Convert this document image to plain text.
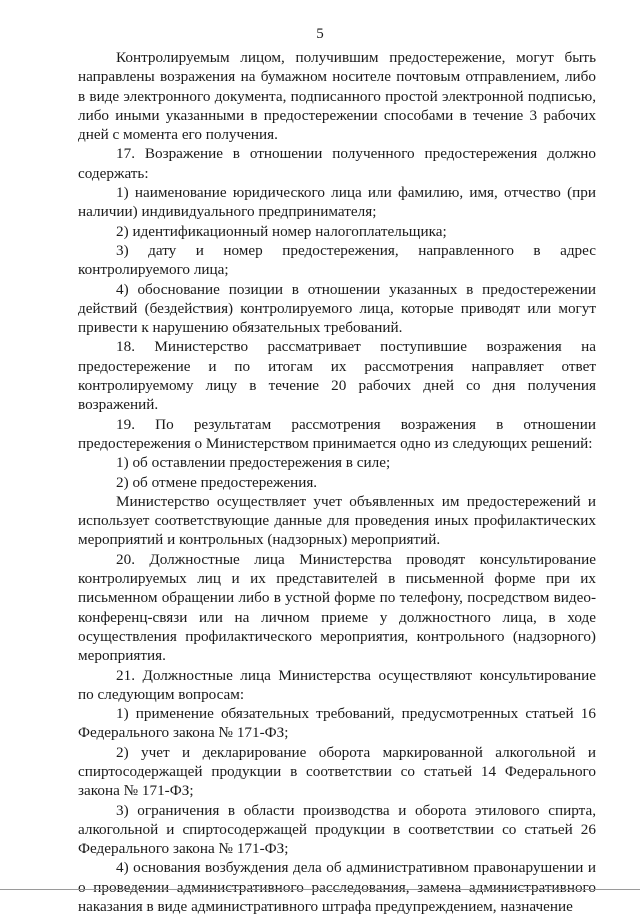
5

Контролируемым лицом, получившим предостережение, могут быть направлены возражения на бумажном носителе почтовым отправлением, либо в виде электронного документа, подписанного простой электронной подписью, либо иными указанными в предостережении способами в течение 3 рабочих дней с момента его получения.

17. Возражение в отношении полученного предостережения должно содержать:

1) наименование юридического лица или фамилию, имя, отчество (при наличии) индивидуального предпринимателя;

2) идентификационный номер налогоплательщика;

3) дату и номер предостережения, направленного в адрес контролируемого лица;

4) обоснование позиции в отношении указанных в предостережении действий (бездействия) контролируемого лица, которые приводят или могут привести к нарушению обязательных требований.

18. Министерство рассматривает поступившие возражения на предостережение и по итогам их рассмотрения направляет ответ контролируемому лицу в течение 20 рабочих дней со дня получения возражений.

19. По результатам рассмотрения возражения в отношении предостережения о Министерством принимается одно из следующих решений:

1) об оставлении предостережения в силе;

2) об отмене предостережения.

Министерство осуществляет учет объявленных им предостережений и использует соответствующие данные для проведения иных профилактических мероприятий и контрольных (надзорных) мероприятий.

20. Должностные лица Министерства проводят консультирование контролируемых лиц и их представителей в письменной форме при их письменном обращении либо в устной форме по телефону, посредством видео-конференц-связи или на личном приеме у должностного лица, в ходе осуществления профилактического мероприятия, контрольного (надзорного) мероприятия.

21. Должностные лица Министерства осуществляют консультирование по следующим вопросам:

1) применение обязательных требований, предусмотренных статьей 16 Федерального закона № 171-ФЗ;

2) учет и декларирование оборота маркированной алкогольной и спиртосодержащей продукции в соответствии со статьей 14 Федерального закона № 171-ФЗ;

3) ограничения в области производства и оборота этилового спирта, алкогольной и спиртосодержащей продукции в соответствии со статьей 26 Федерального закона № 171-ФЗ;

4) основания возбуждения дела об административном правонарушении и о проведении административного расследования, замена административного наказания в виде административного штрафа предупреждением, назначение
